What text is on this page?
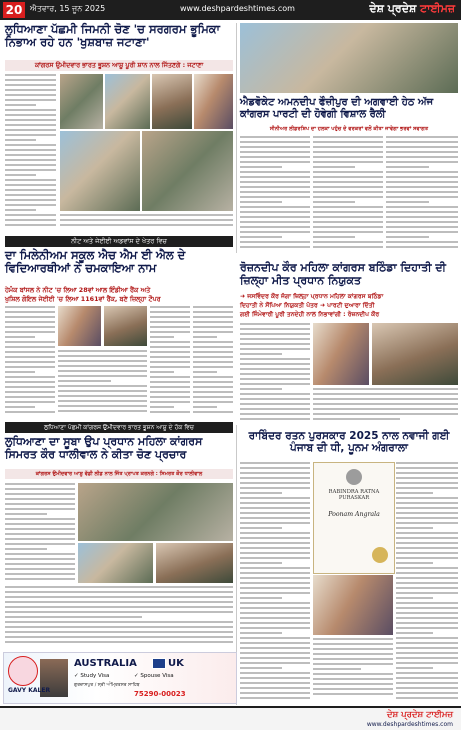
20 ਐਤਵਾਰ, 15 ਜੂਨ 2025	www.deshpardeshtimes.com	ਦੇਸ਼ ਪ੍ਰਦੇਸ਼ ਟਾਈਮਜ਼
ਲੁਧਿਆਣਾ ਪੱਛਮੀ ਜਿਮਨੀ ਚੋਣ 'ਚ ਸਰਗਰਮ ਭੂਮਿਕਾ ਨਿਭਾਅ ਰਹੇ ਹਨ 'ਖੁਸ਼ਬਾਜ਼ ਜਟਾਣਾ'
ਕਾਂਗਰਸ ਉਮੀਦਵਾਰ ਭਾਰਤ ਭੂਸ਼ਨ ਆਸ਼ੂ ਪੂਰੀ ਸ਼ਾਨ ਨਾਲ ਜਿੱਤਣਗੇ : ਜਟਾਣਾ
ਐਡਵੋਕੇਟ ਅਮਨਦੀਪ ਫੌਜ਼ੀਪੁਰ ਦੀ ਅਗਵਾਈ ਹੇਠ ਅੱਜ ਕਾਂਗਰਸ ਪਾਰਟੀ ਦੀ ਹੋਵੇਗੀ ਵਿਸ਼ਾਲ ਰੈਲੀ
ਸੀਨੀਅਰ ਲੀਡਰਸ਼ਿਪ ਦਾ ਹਲਕਾ ਪਹੁੰਚ ਦੇ ਵਰਕਰਾਂ ਵਲੋਂ ਕੀਤਾ ਜਾਵੇਗਾ ਭਰਵਾਂ ਸਵਾਗਤ
ਨੀਟ ਅਤੇ ਜੇਈਈ ਅਡਵਾਂਸ ਦੇ ਖੇਤਰ ਵਿਚ
ਦਾ ਮਿਲੇਨੀਅਮ ਸਕੂਲ ਐਚ ਐਮ ਈ ਐਲ ਦੇ ਵਿਦਿਆਰਥੀਆਂ ਨੇ ਚਮਕਾਇਆ ਨਾਮ
ਹੇਮੰਕ ਬਾਂਸਲ ਨੇ ਨੀਟ 'ਚ ਲਿਆ 28ਵਾਂ ਆਲ ਇੰਡੀਆ ਰੈਂਕ ਅਤੇ
ਖੁਸ਼ਿਲ ਗੋਇਲ ਜੇਈਈ 'ਚ ਲਿਆ 1161ਵਾਂ ਰੈਂਕ, ਬਣੇ ਜ਼ਿਲ੍ਹਾ ਟੌਪਰ
ਰੋਜ਼ਨਦੀਪ ਕੌਰ ਮਹਿਲਾ ਕਾਂਗਰਸ ਬਠਿੰਡਾ ਦਿਹਾਤੀ ਦੀ ਜ਼ਿਲ੍ਹਾ ਮੀਤ ਪ੍ਰਧਾਨ ਨਿਯੁਕਤ
➜ ਜਸਵਿੰਦਰ ਕੌਰ ਜੱਗਾ ਜ਼ਿਲ੍ਹਾ ਪ੍ਰਧਾਨ ਮਹਿਲਾ ਕਾਂਗਰਸ ਬਠਿੰਡਾ
ਦਿਹਾਤੀ ਨੇ ਸੌਂਪਿਆ ਨਿਯੁਕਤੀ ਪੱਤਰ ➜ ਪਾਰਟੀ ਦੁਆਰਾ ਦਿੱਤੀ
ਗਈ ਜਿੰਮੇਵਾਰੀ ਪੂਰੀ ਤਨਦੇਹੀ ਨਾਲ ਨਿਭਾਵਾਂਗੀ : ਰੋਜ਼ਨਦੀਪ ਕੌਰ
ਲੁਧਿਆਣਾ ਪੱਛਮੀ ਕਾਂਗਰਸ ਉਮੀਦਵਾਰ ਭਾਰਤ ਭੂਸ਼ਨ ਆਸ਼ੂ ਦੇ ਹੱਕ ਵਿਚ
ਲੁਧਿਆਣਾ ਦਾ ਸੂਬਾ ਉਪ ਪ੍ਰਧਾਨ ਮਹਿਲਾ ਕਾਂਗਰਸ ਸਿਮਰਤ ਕੌਰ ਧਾਲੀਵਾਲ ਨੇ ਕੀਤਾ ਚੋਣ ਪ੍ਰਚਾਰ
ਕਾਂਗਰਸ ਉਮੀਦਵਾਰ ਆਸ਼ੂ ਵੱਡੀ ਲੀਡ ਨਾਲ ਜਿੱਤ ਪ੍ਰਾਪਤ ਕਰਨਗੇ : ਸਿਮਰਤ ਕੌਰ ਧਾਲੀਵਾਲ
GAVY KALER
AUSTRALIA	UK
✓ Study Visa	✓ Spouse Visa
ਗੁਰਦਾਸਪੁਰ / ਸ੍ਰੀ ਅੰਮ੍ਰਿਤਸਰ ਸਾਹਿਬ
75290-00023
ਰਾਬਿੰਦਰ ਰਤਨ ਪੁਰਸਕਾਰ 2025 ਨਾਲ ਨਵਾਜੀ ਗਈ ਪੰਜਾਬ ਦੀ ਧੀ, ਪੂਨਮ ਅੰਗਰਾਲਾ
RABINDRA RATNA PURASKAR
Poonam Angrala
ਦੇਸ਼ ਪ੍ਰਦੇਸ਼ ਟਾਈਮਜ਼
www.deshpardeshtimes.com
